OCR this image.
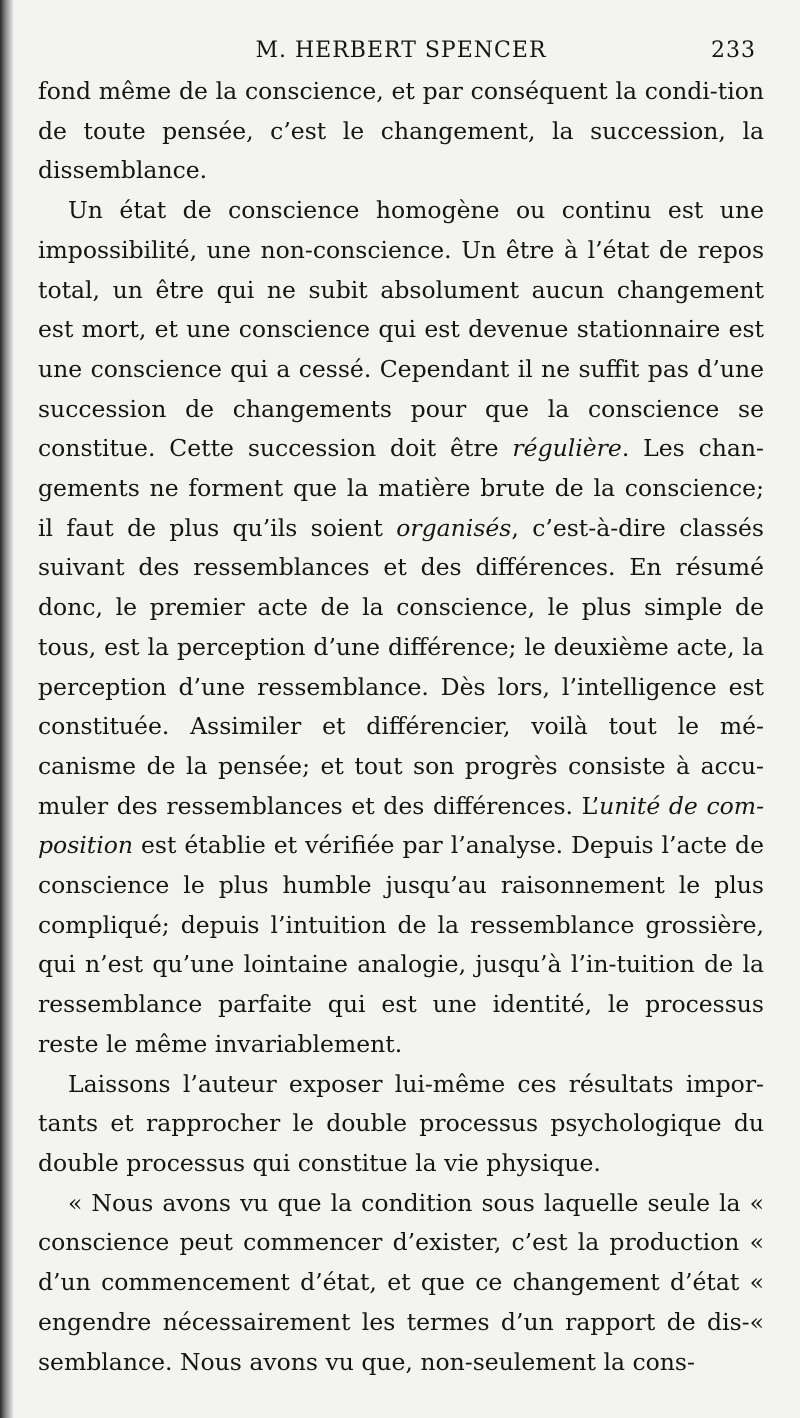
M. HERBERT SPENCER	233

fond même de la conscience, et par conséquent la condi-tion de toute pensée, c’est le changement, la succession, la dissemblance.

Un état de conscience homogène ou continu est une impossibilité, une non-conscience. Un être à l’état de repos total, un être qui ne subit absolument aucun changement est mort, et une conscience qui est devenue stationnaire est une conscience qui a cessé. Cependant il ne suffit pas d’une succession de changements pour que la conscience se constitue. Cette succession doit être régulière. Les chan-gements ne forment que la matière brute de la conscience; il faut de plus qu’ils soient organisés, c’est-à-dire classés suivant des ressemblances et des différences. En résumé donc, le premier acte de la conscience, le plus simple de tous, est la perception d’une différence; le deuxième acte, la perception d’une ressemblance. Dès lors, l’intelligence est constituée. Assimiler et différencier, voilà tout le mé-canisme de la pensée; et tout son progrès consiste à accu-muler des ressemblances et des différences. L’unité de com-position est établie et vérifiée par l’analyse. Depuis l’acte de conscience le plus humble jusqu’au raisonnement le plus compliqué; depuis l’intuition de la ressemblance grossière, qui n’est qu’une lointaine analogie, jusqu’à l’in-tuition de la ressemblance parfaite qui est une identité, le processus reste le même invariablement.

Laissons l’auteur exposer lui-même ces résultats impor-tants et rapprocher le double processus psychologique du double processus qui constitue la vie physique.

« Nous avons vu que la condition sous laquelle seule la « conscience peut commencer d’exister, c’est la production « d’un commencement d’état, et que ce changement d’état « engendre nécessairement les termes d’un rapport de dis-« semblance. Nous avons vu que, non-seulement la cons-
